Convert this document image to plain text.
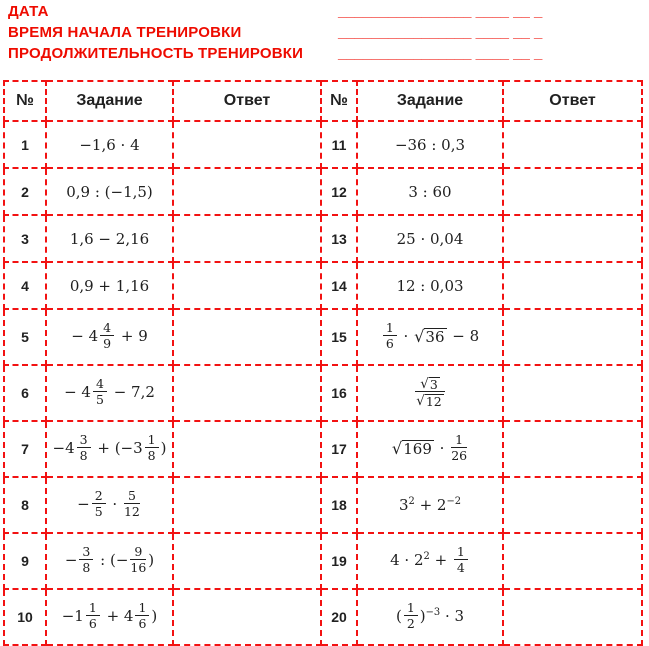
ДАТА	________________ ____ __ _
ВРЕМЯ НАЧАЛА ТРЕНИРОВКИ	________________ ____ __ _
ПРОДОЛЖИТЕЛЬНОСТЬ ТРЕНИРОВКИ	________________ ____ __ _
№	Задание	Ответ	№	Задание	Ответ
1	−1,6 · 4		11	−36 : 0,3	
2	0,9 : (−1,5)		12	3 : 60	
3	1,6 − 2,16		13	25 · 0,04	
4	0,9 + 1,16		14	12 : 0,03	
5	− $4 \frac{4}{9} + 9$		15	$\frac{1}{6}$ · √ 36 − 8	
6	− $4 \frac{4}{5} - 7,2$		16	$\frac{√ 3}{√ 12}$

7	$-4 \frac{3}{8} + (-3 \frac{1}{8}$ )		17	√ $169 \cdot \frac{1}{26}$

8	− $\frac{2}{5} \cdot \frac{5}{12}$		18	$3^2 + 2^{-2}$	
9	− $\frac{3}{8}$ : (− $\frac{9}{16}$ )		19	$4 \cdot 2^2 + \frac{1}{4}$

10	$-1 \frac{1}{6} + 4 \frac{1}{6}$ )		20	( $\frac{1}{2} )^{-3} \cdot 3$	
